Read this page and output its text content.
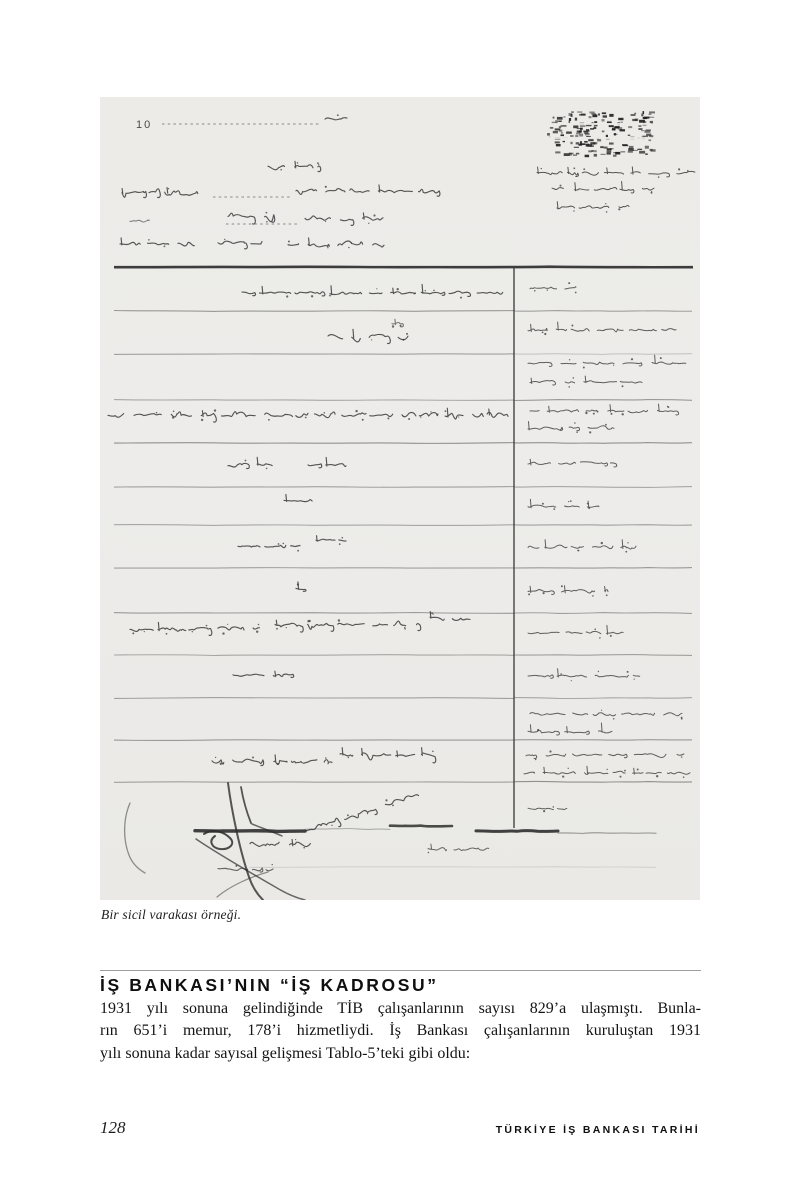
10
Bir sicil varakası örneği.
İŞ BANKASI’NIN “İŞ KADROSU”
1931 yılı sonuna gelindiğinde TİB çalışanlarının sayısı 829’a ulaşmıştı. Bunla-
rın 651’i memur, 178’i hizmetliydi. İş Bankası çalışanlarının kuruluştan 1931
yılı sonuna kadar sayısal gelişmesi Tablo-5’teki gibi oldu:
128	TÜRKİYE İŞ BANKASI TARİHİ
